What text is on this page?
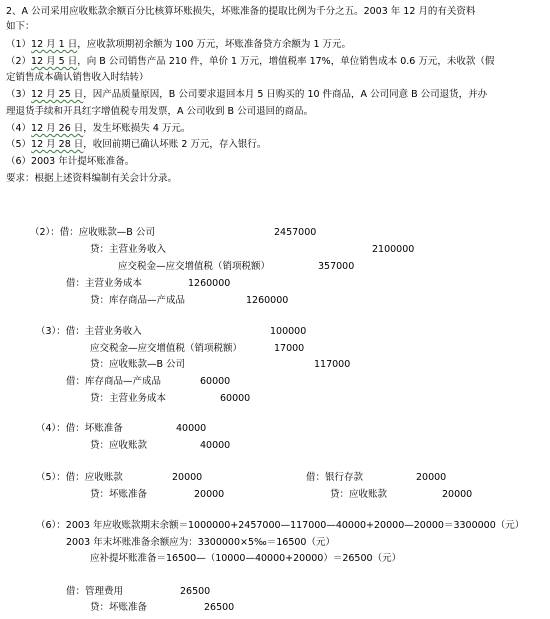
2、A 公司采用应收账款余额百分比核算坏账损失，坏账准备的提取比例为千分之五。2003 年 12 月的有关资料
如下：
（1）12 月 1 日，应收款项期初余额为 100 万元，坏账准备贷方余额为 1 万元。
（2）12 月 5 日，向 B 公司销售产品 210 件，单价 1 万元，增值税率 17%，单位销售成本 0.6 万元，未收款（假
定销售成本确认销售收入时结转）
（3）12 月 25 日，因产品质量原因，B 公司要求退回本月 5 日购买的 10 件商品，A 公司同意 B 公司退货，并办
理退货手续和开具红字增值税专用发票，A 公司收到 B 公司退回的商品。
（4）12 月 26 日，发生坏账损失 4 万元。
（5）12 月 28 日，收回前期已确认坏账 2 万元，存入银行。
（6）2003 年计提坏账准备。
要求：根据上述资料编制有关会计分录。
（2）：借：应收账款—B 公司	2457000
贷：主营业务收入	2100000
应交税金—应交增值税（销项税额）	357000
借：主营业务成本	1260000
贷：库存商品—产成品	1260000
（3）：借：主营业务收入	100000
应交税金—应交增值税（销项税额）	17000
贷：应收账款—B 公司	117000
借：库存商品—产成品	60000
贷：主营业务成本	60000
（4）：借：坏账准备	40000
贷：应收账款	40000
（5）：借：应收账款	20000
贷：坏账准备	20000
借：银行存款	20000
贷：应收账款	20000
（6）：2003 年应收账款期末余额＝1000000+2457000—117000—40000+20000—20000＝3300000（元）
2003 年末坏账准备余额应为：3300000×5‰＝16500（元）
应补提坏账准备＝16500—（10000—40000+20000）＝26500（元）
借：管理费用	26500
贷：坏账准备	26500
